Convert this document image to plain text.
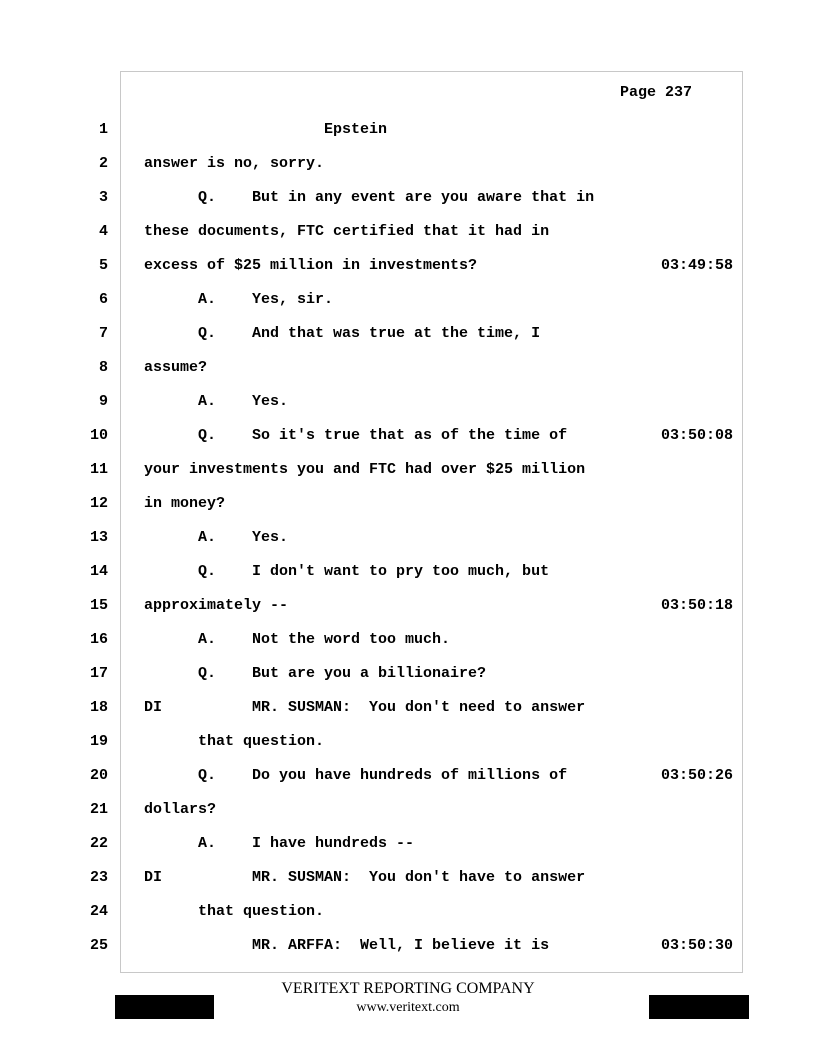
Page 237
1 Epstein
2 answer is no, sorry.
3 Q.    But in any event are you aware that in
4 these documents, FTC certified that it had in
5 excess of $25 million in investments?	03:49:58
6 A.    Yes, sir.
7 Q.    And that was true at the time, I
8 assume?
9 A.    Yes.
10 Q.    So it's true that as of the time of	03:50:08
11 your investments you and FTC had over $25 million
12 in money?
13 A.    Yes.
14 Q.    I don't want to pry too much, but
15 approximately --	03:50:18
16 A.    Not the word too much.
17 Q.    But are you a billionaire?
18 DI          MR. SUSMAN:  You don't need to answer
19 that question.
20 Q.    Do you have hundreds of millions of	03:50:26
21 dollars?
22 A.    I have hundreds --
23 DI          MR. SUSMAN:  You don't have to answer
24 that question.
25 MR. ARFFA:  Well, I believe it is	03:50:30
VERITEXT REPORTING COMPANY
www.veritext.com
